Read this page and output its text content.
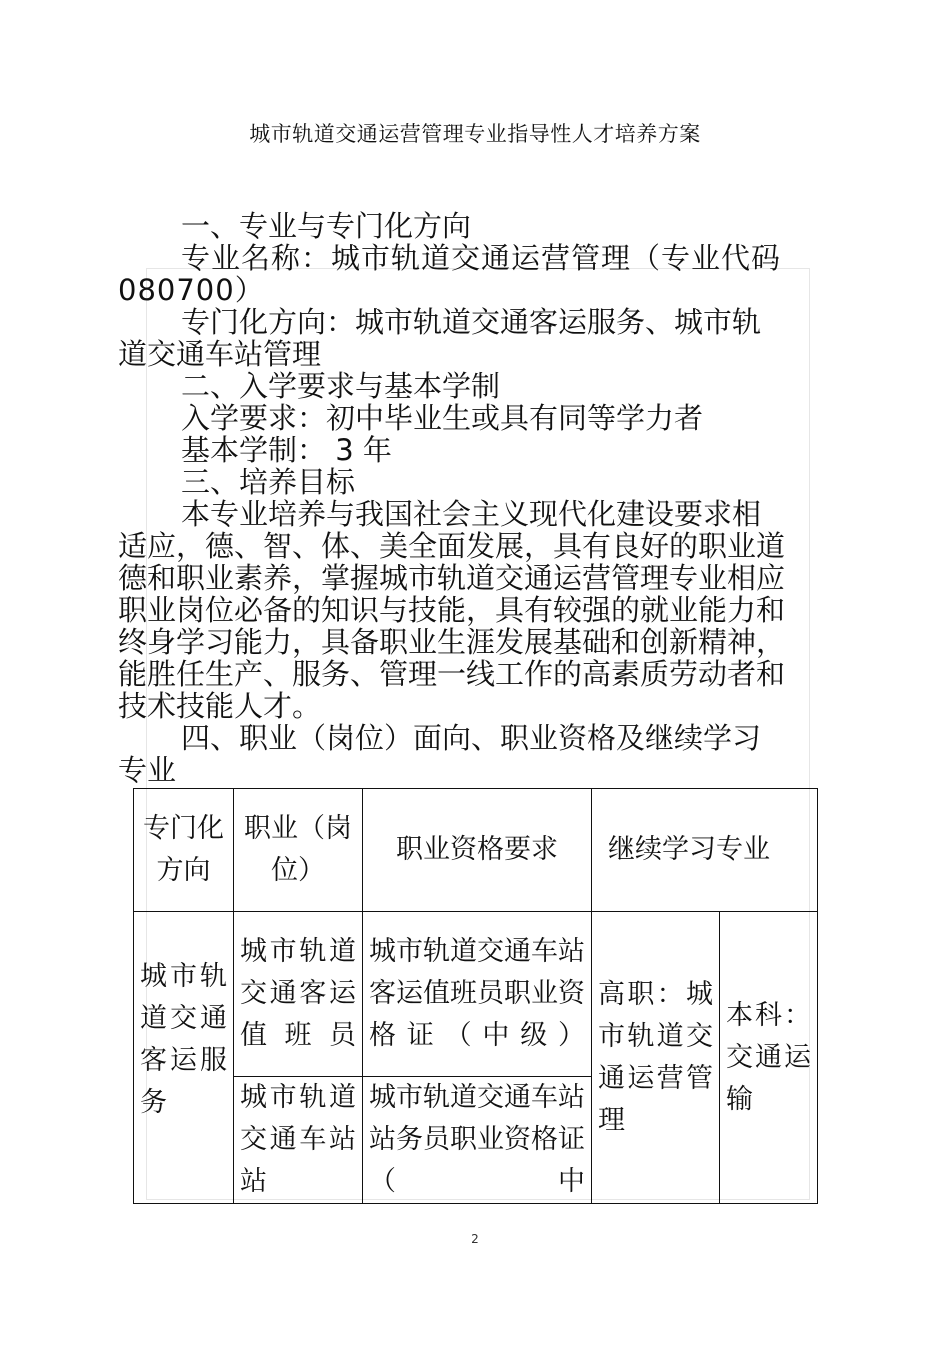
城市轨道交通运营管理专业指导性人才培养方案

一、专业与专门化方向

专业名称：城市轨道交通运营管理（专业代码 080700）

专门化方向：城市轨道交通客运服务、城市轨道交通车站管理

二、入学要求与基本学制

入学要求：初中毕业生或具有同等学力者

基本学制： 3 年

三、培养目标

本专业培养与我国社会主义现代化建设要求相适应，德、智、体、美全面发展，具有良好的职业道德和职业素养，掌握城市轨道交通运营管理专业相应职业岗位必备的知识与技能，具有较强的就业能力和终身学习能力，具备职业生涯发展基础和创新精神，能胜任生产、服务、管理一线工作的高素质劳动者和技术技能人才。

四、职业（岗位）面向、职业资格及继续学习专业

专门化方向	职业（岗位）	职业资格要求	继续学习专业	
城市轨道交通客运服务	城市轨道交通客运值班员	城市轨道交通车站客运值班员职业资格证（中级）	高职：城市轨道交通运营管理	本科：交通运输

	城市轨道交通车站站	城市轨道交通车站站务员职业资格证（中		
2
